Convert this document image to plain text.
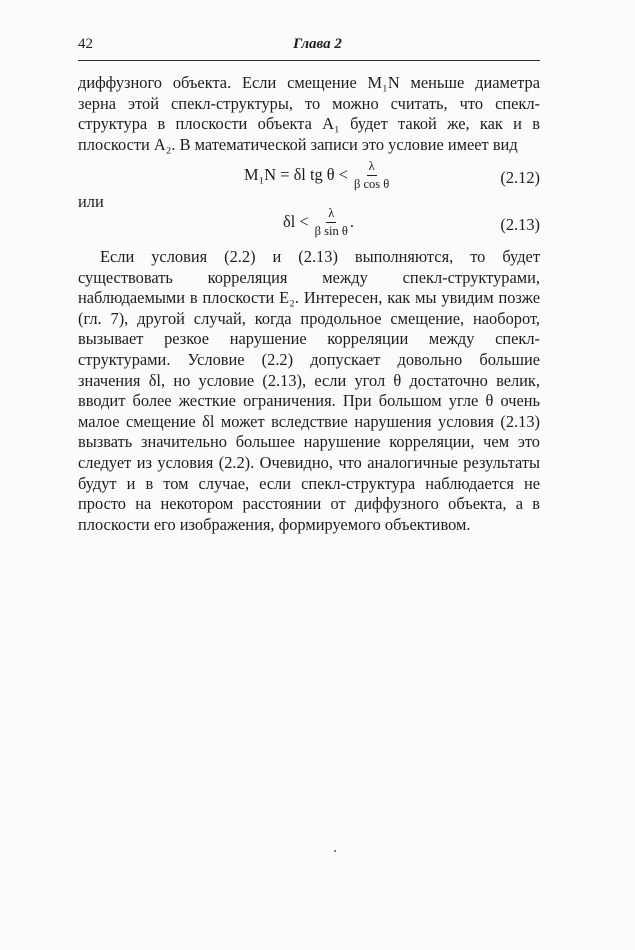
42	Глава 2

диффузного объекта. Если смещение M₁N меньше диаметра зерна этой спекл-структуры, то можно считать, что спекл-структура в плоскости объекта A₁ будет такой же, как и в плоскости A₂. В математической записи это условие имеет вид

M₁N = δl tg $\theta < \frac{\lambda}{\text{β cos θ}}$	(2.12)
или
$\delta l < \frac{\lambda}{\text{β sin θ}}$ .	(2.13)

Если условия (2.2) и (2.13) выполняются, то будет существовать корреляция между спекл-структурами, наблюдаемыми в плоскости E₂. Интересен, как мы увидим позже (гл. 7), другой случай, когда продольное смещение, наоборот, вызывает резкое нарушение корреляции между спекл-структурами. Условие (2.2) допускает довольно большие значения δl, но условие (2.13), если угол θ достаточно велик, вводит более жесткие ограничения. При большом угле θ очень малое смещение δl может вследствие нарушения условия (2.13) вызвать значительно большее нарушение корреляции, чем это следует из условия (2.2). Очевидно, что аналогичные результаты будут и в том случае, если спекл-структура наблюдается не просто на некотором расстоянии от диффузного объекта, а в плоскости его изображения, формируемого объективом.
